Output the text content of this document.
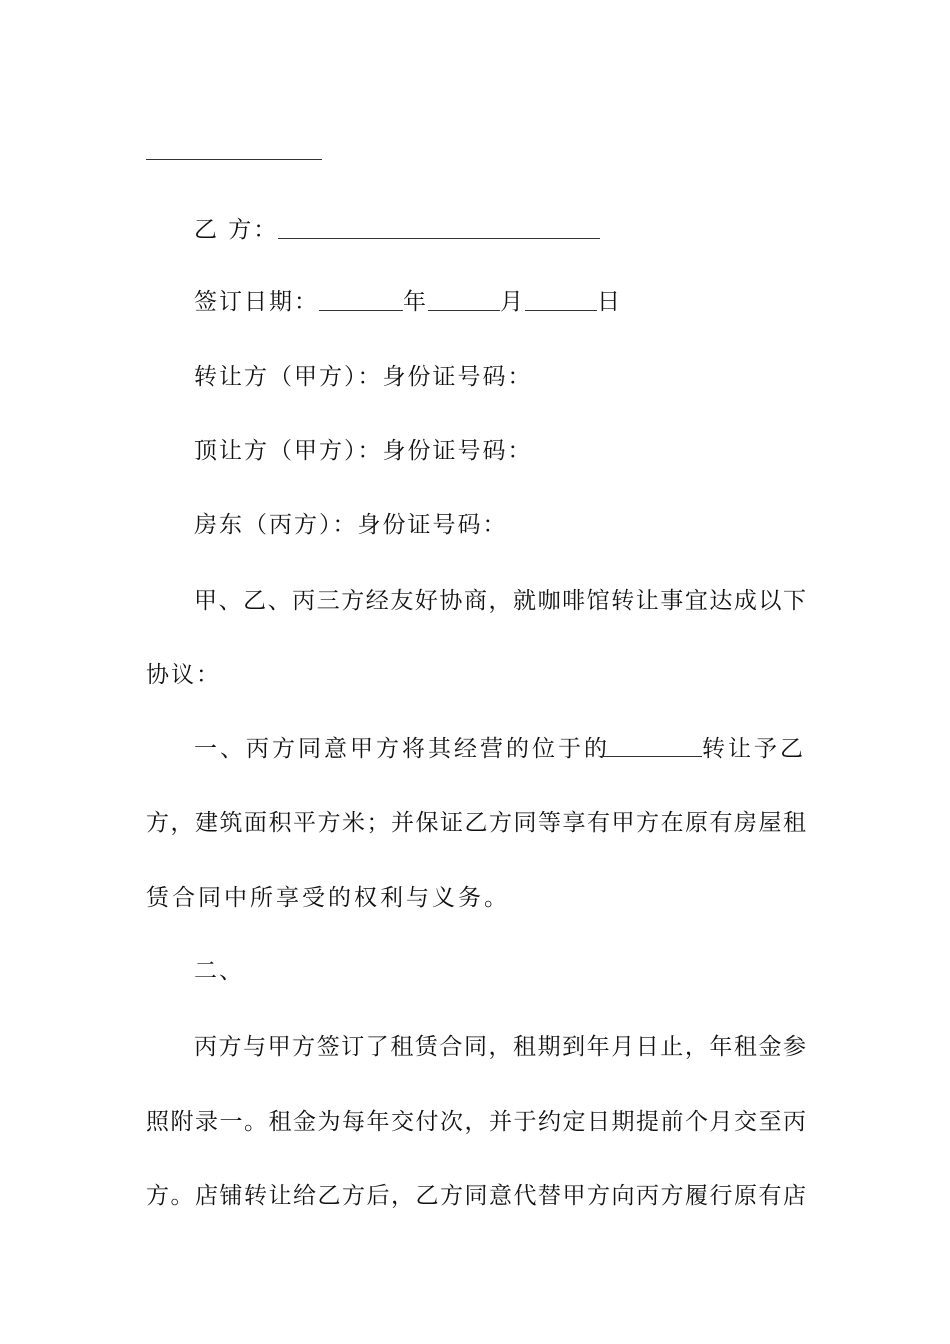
乙 方：
签订日期：	年	月	日
转让方（甲方）：身份证号码：
顶让方（甲方）：身份证号码：
房东（丙方）：身份证号码：
甲、乙、丙三方经友好协商，就咖啡馆转让事宜达成以下
协议：
一、丙方同意甲方将其经营的位于的	转让予乙
方，建筑面积平方米；并保证乙方同等享有甲方在原有房屋租
赁合同中所享受的权利与义务。
二、
丙方与甲方签订了租赁合同，租期到年月日止，年租金参
照附录一。租金为每年交付次，并于约定日期提前个月交至丙
方。店铺转让给乙方后，乙方同意代替甲方向丙方履行原有店
